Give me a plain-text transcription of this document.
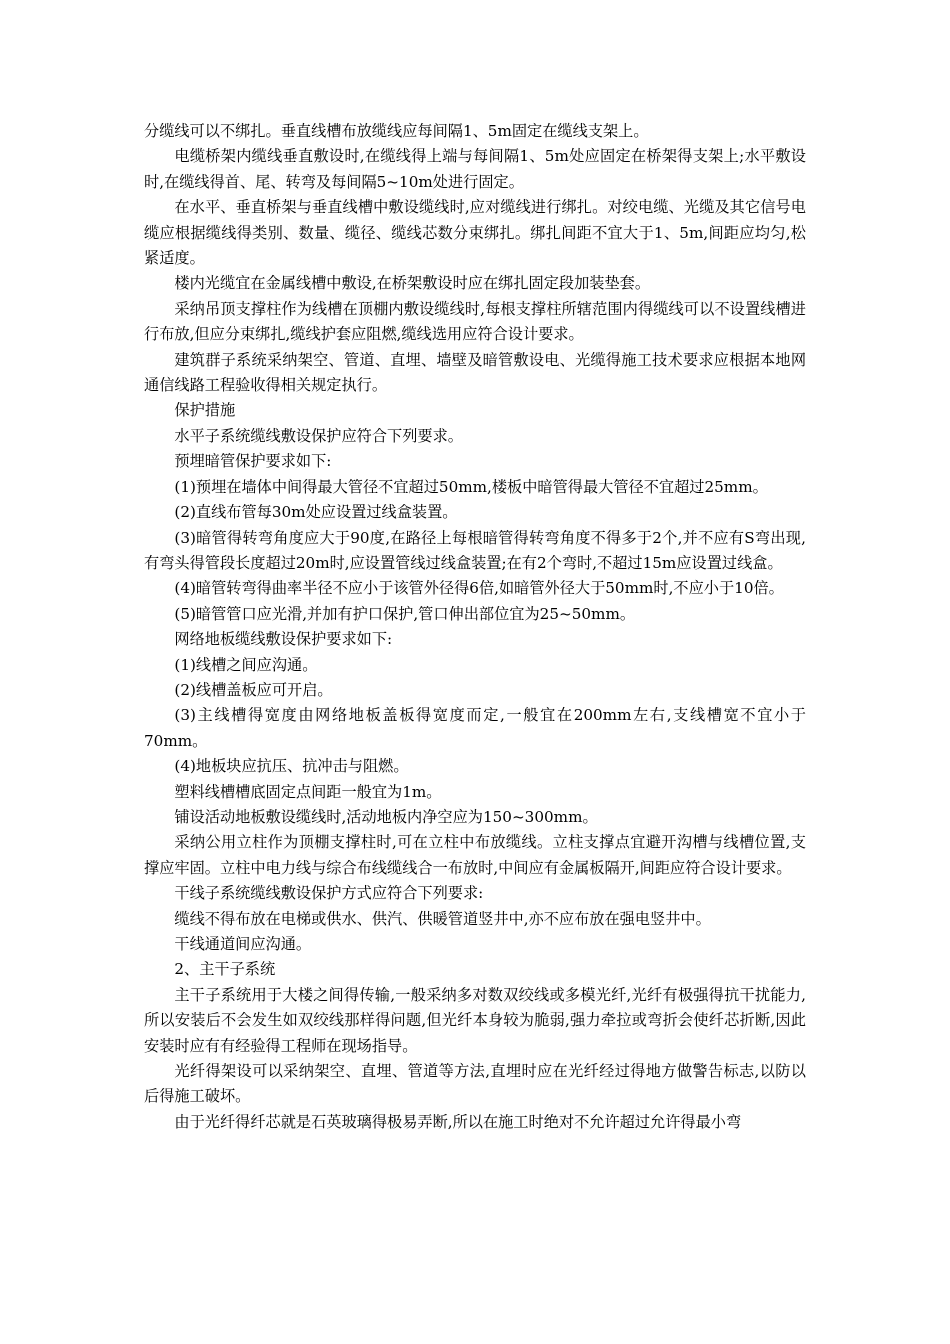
分缆线可以不绑扎。垂直线槽布放缆线应每间隔1、5m固定在缆线支架上。

电缆桥架内缆线垂直敷设时,在缆线得上端与每间隔1、5m处应固定在桥架得支架上;水平敷设时,在缆线得首、尾、转弯及每间隔5~10m处进行固定。

在水平、垂直桥架与垂直线槽中敷设缆线时,应对缆线进行绑扎。对绞电缆、光缆及其它信号电缆应根据缆线得类别、数量、缆径、缆线芯数分束绑扎。绑扎间距不宜大于1、5m,间距应均匀,松紧适度。

楼内光缆宜在金属线槽中敷设,在桥架敷设时应在绑扎固定段加装垫套。

采纳吊顶支撑柱作为线槽在顶棚内敷设缆线时,每根支撑柱所辖范围内得缆线可以不设置线槽进行布放,但应分束绑扎,缆线护套应阻燃,缆线选用应符合设计要求。

建筑群子系统采纳架空、管道、直埋、墙壁及暗管敷设电、光缆得施工技术要求应根据本地网通信线路工程验收得相关规定执行。

保护措施

水平子系统缆线敷设保护应符合下列要求。

预埋暗管保护要求如下:

(1)预埋在墙体中间得最大管径不宜超过50mm,楼板中暗管得最大管径不宜超过25mm。

(2)直线布管每30m处应设置过线盒装置。

(3)暗管得转弯角度应大于90度,在路径上每根暗管得转弯角度不得多于2个,并不应有S弯出现,有弯头得管段长度超过20m时,应设置管线过线盒装置;在有2个弯时,不超过15m应设置过线盒。

(4)暗管转弯得曲率半径不应小于该管外径得6倍,如暗管外径大于50mm时,不应小于10倍。

(5)暗管管口应光滑,并加有护口保护,管口伸出部位宜为25~50mm。

网络地板缆线敷设保护要求如下:

(1)线槽之间应沟通。

(2)线槽盖板应可开启。

(3)主线槽得宽度由网络地板盖板得宽度而定,一般宜在200mm左右,支线槽宽不宜小于70mm。

(4)地板块应抗压、抗冲击与阻燃。

塑料线槽槽底固定点间距一般宜为1m。

铺设活动地板敷设缆线时,活动地板内净空应为150~300mm。

采纳公用立柱作为顶棚支撑柱时,可在立柱中布放缆线。立柱支撑点宜避开沟槽与线槽位置,支撑应牢固。立柱中电力线与综合布线缆线合一布放时,中间应有金属板隔开,间距应符合设计要求。

干线子系统缆线敷设保护方式应符合下列要求:

缆线不得布放在电梯或供水、供汽、供暖管道竖井中,亦不应布放在强电竖井中。

干线通道间应沟通。

2、主干子系统

主干子系统用于大楼之间得传输,一般采纳多对数双绞线或多模光纤,光纤有极强得抗干扰能力,所以安装后不会发生如双绞线那样得问题,但光纤本身较为脆弱,强力牵拉或弯折会使纤芯折断,因此安装时应有有经验得工程师在现场指导。

光纤得架设可以采纳架空、直埋、管道等方法,直埋时应在光纤经过得地方做警告标志,以防以后得施工破坏。

由于光纤得纤芯就是石英玻璃得极易弄断,所以在施工时绝对不允许超过允许得最小弯
